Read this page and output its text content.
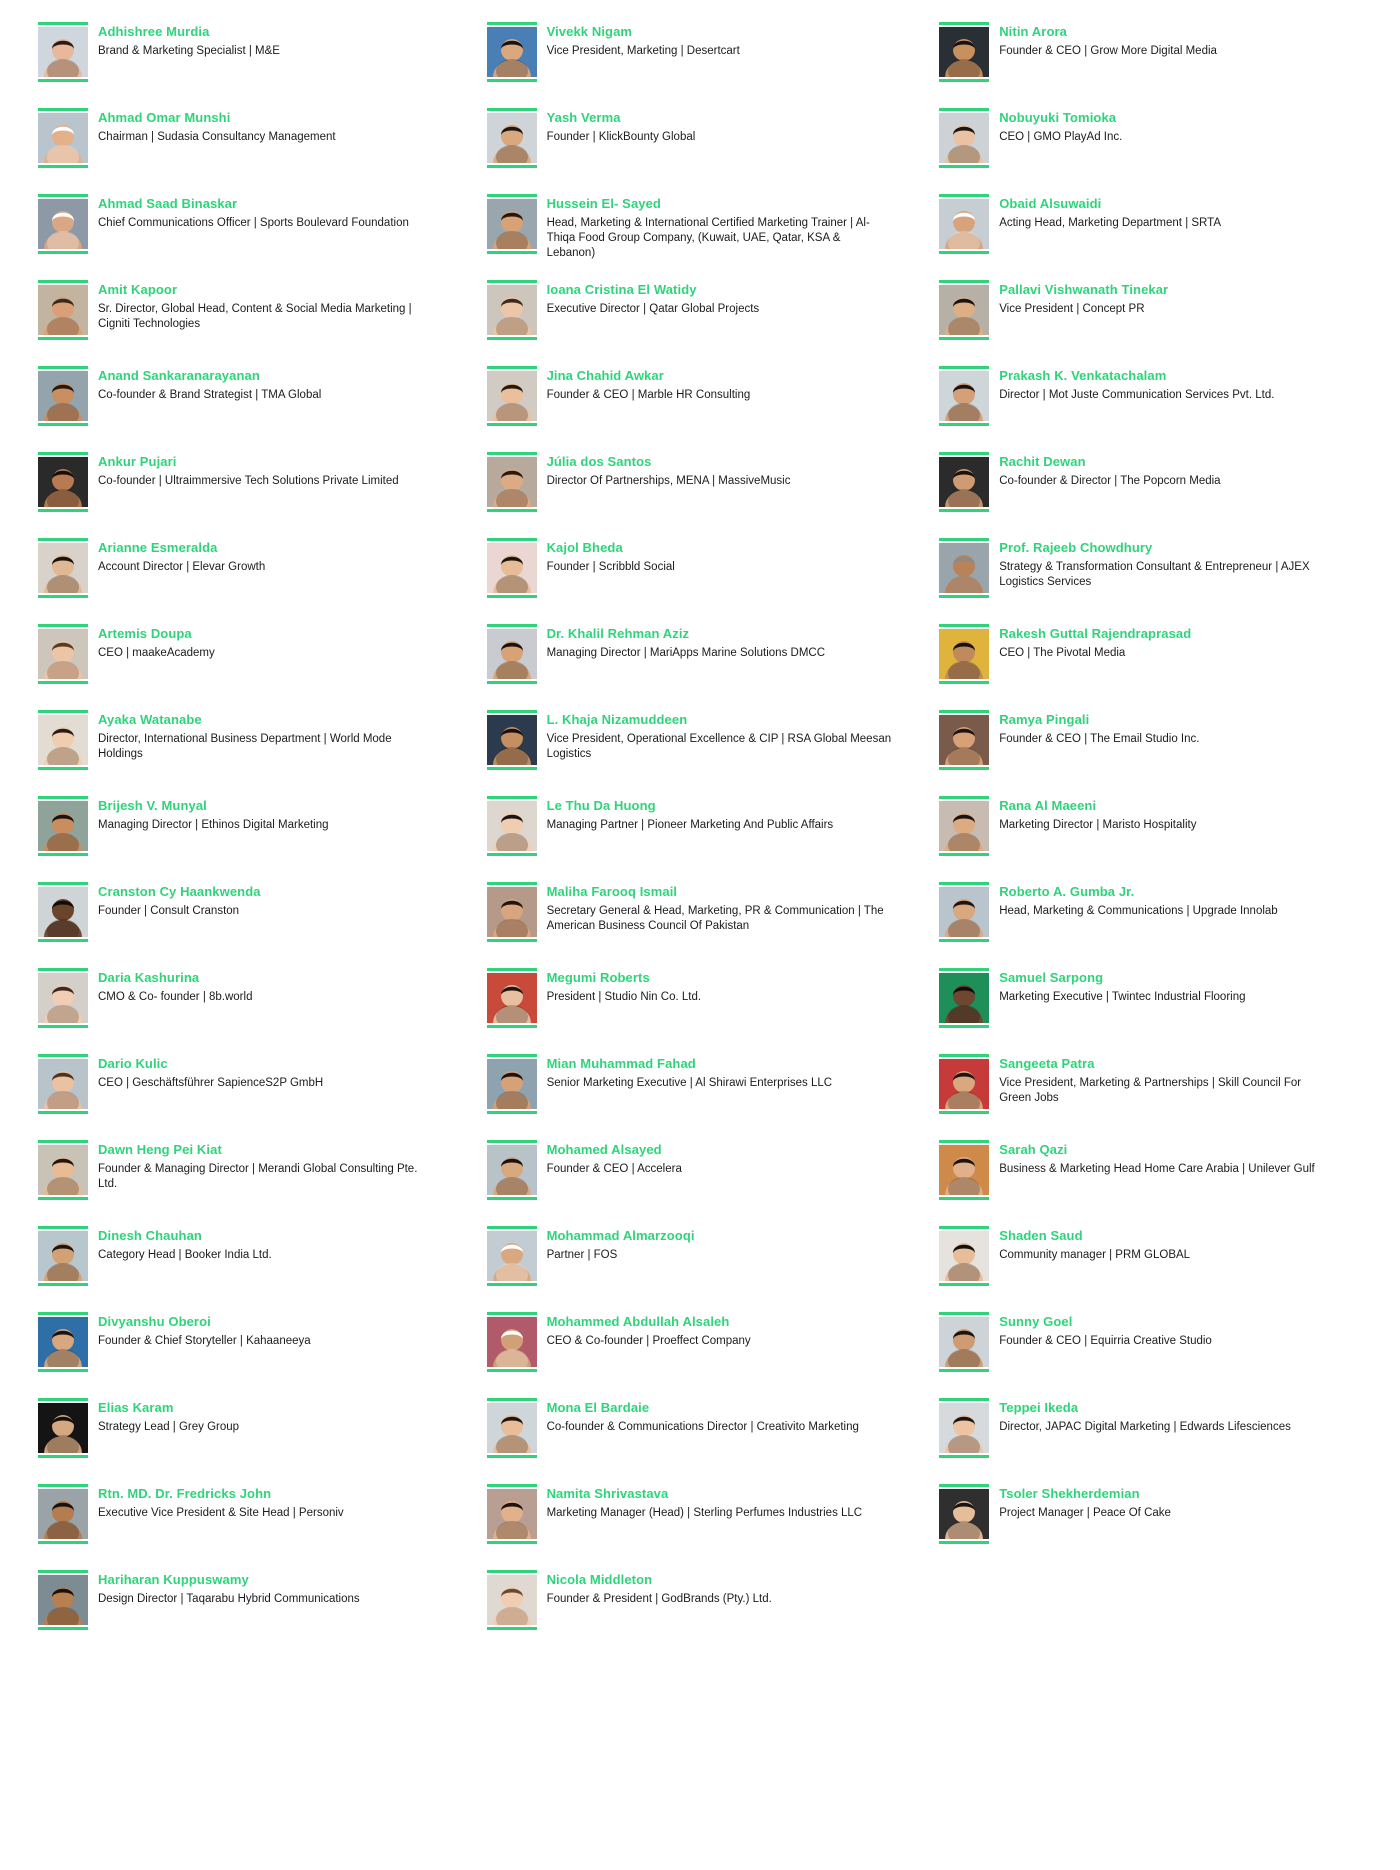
Adhishree Murdia
Brand & Marketing Specialist | M&E
Ahmad Omar Munshi
Chairman | Sudasia Consultancy Management
Ahmad Saad Binaskar
Chief Communications Officer | Sports Boulevard Foundation
Amit Kapoor
Sr. Director, Global Head, Content & Social Media Marketing | Cigniti Technologies
Anand Sankaranarayanan
Co-founder & Brand Strategist | TMA Global
Ankur Pujari
Co-founder | Ultraimmersive Tech Solutions Private Limited
Arianne Esmeralda
Account Director | Elevar Growth
Artemis Doupa
CEO | maakeAcademy
Ayaka Watanabe
Director, International Business Department | World Mode Holdings
Brijesh V. Munyal
Managing Director | Ethinos Digital Marketing
Cranston Cy Haankwenda
Founder | Consult Cranston
Daria Kashurina
CMO & Co- founder | 8b.world
Dario Kulic
CEO | Geschäftsführer SapienceS2P GmbH
Dawn Heng Pei Kiat
Founder & Managing Director | Merandi Global Consulting Pte. Ltd.
Dinesh Chauhan
Category Head | Booker India Ltd.
Divyanshu Oberoi
Founder & Chief Storyteller | Kahaaneeya
Elias Karam
Strategy Lead | Grey Group
Rtn. MD. Dr. Fredricks John
Executive Vice President & Site Head | Personiv
Hariharan Kuppuswamy
Design Director | Taqarabu Hybrid Communications
Vivekk Nigam
Vice President, Marketing | Desertcart
Yash Verma
Founder | KlickBounty Global
Hussein El- Sayed
Head, Marketing & International Certified Marketing Trainer | Al-Thiqa Food Group Company, (Kuwait, UAE, Qatar, KSA & Lebanon)
Ioana Cristina El Watidy
Executive Director | Qatar Global Projects
Jina Chahid Awkar
Founder & CEO | Marble HR Consulting
Júlia dos Santos
Director Of Partnerships, MENA | MassiveMusic
Kajol Bheda
Founder | Scribbld Social
Dr. Khalil Rehman Aziz
Managing Director | MariApps Marine Solutions DMCC
L. Khaja Nizamuddeen
Vice President, Operational Excellence & CIP | RSA Global Meesan Logistics
Le Thu Da Huong
Managing Partner | Pioneer Marketing And Public Affairs
Maliha Farooq Ismail
Secretary General & Head, Marketing, PR & Communication | The American Business Council Of Pakistan
Megumi Roberts
President | Studio Nin Co. Ltd.
Mian Muhammad Fahad
Senior Marketing Executive | Al Shirawi Enterprises LLC
Mohamed Alsayed
Founder & CEO | Accelera
Mohammad Almarzooqi
Partner | FOS
Mohammed Abdullah Alsaleh
CEO & Co-founder | Proeffect Company
Mona El Bardaie
Co-founder & Communications Director | Creativito Marketing
Namita Shrivastava
Marketing Manager (Head) | Sterling Perfumes Industries LLC
Nicola Middleton
Founder & President | GodBrands (Pty.) Ltd.
Nitin Arora
Founder & CEO | Grow More Digital Media
Nobuyuki Tomioka
CEO | GMO PlayAd Inc.
Obaid Alsuwaidi
Acting Head, Marketing Department | SRTA
Pallavi Vishwanath Tinekar
Vice President | Concept PR
Prakash K. Venkatachalam
Director | Mot Juste Communication Services Pvt. Ltd.
Rachit Dewan
Co-founder & Director | The Popcorn Media
Prof. Rajeeb Chowdhury
Strategy & Transformation Consultant & Entrepreneur | AJEX Logistics Services
Rakesh Guttal Rajendraprasad
CEO | The Pivotal Media
Ramya Pingali
Founder & CEO | The Email Studio Inc.
Rana Al Maeeni
Marketing Director | Maristo Hospitality
Roberto A. Gumba Jr.
Head, Marketing & Communications | Upgrade Innolab
Samuel Sarpong
Marketing Executive | Twintec Industrial Flooring
Sangeeta Patra
Vice President, Marketing & Partnerships | Skill Council For Green Jobs
Sarah Qazi
Business & Marketing Head Home Care Arabia | Unilever Gulf
Shaden Saud
Community manager | PRM GLOBAL
Sunny Goel
Founder & CEO | Equirria Creative Studio
Teppei Ikeda
Director, JAPAC Digital Marketing | Edwards Lifesciences
Tsoler Shekherdemian
Project Manager | Peace Of Cake
